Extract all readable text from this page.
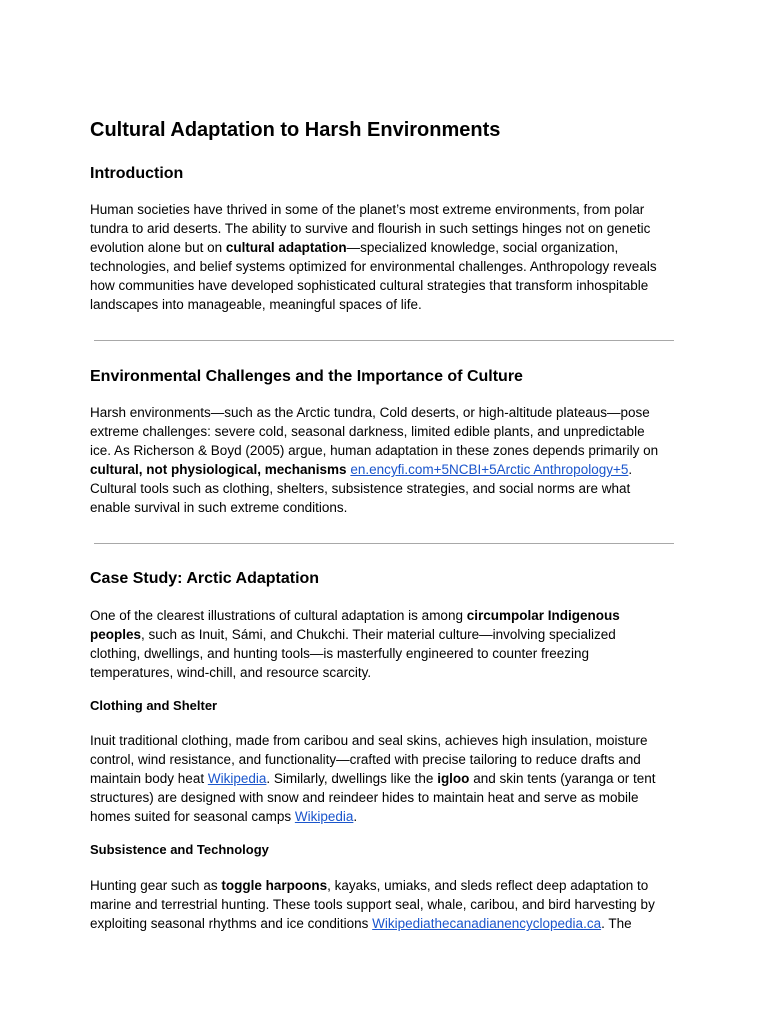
Cultural Adaptation to Harsh Environments
Introduction

Human societies have thrived in some of the planet’s most extreme environments, from polar
tundra to arid deserts. The ability to survive and flourish in such settings hinges not on genetic
evolution alone but on cultural adaptation—specialized knowledge, social organization,
technologies, and belief systems optimized for environmental challenges. Anthropology reveals
how communities have developed sophisticated cultural strategies that transform inhospitable
landscapes into manageable, meaningful spaces of life.

Environmental Challenges and the Importance of Culture

Harsh environments—such as the Arctic tundra, Cold deserts, or high-altitude plateaus—pose
extreme challenges: severe cold, seasonal darkness, limited edible plants, and unpredictable
ice. As Richerson & Boyd (2005) argue, human adaptation in these zones depends primarily on
cultural, not physiological, mechanisms en.encyfi.com+5NCBI+5Arctic Anthropology+5.
Cultural tools such as clothing, shelters, subsistence strategies, and social norms are what
enable survival in such extreme conditions.

Case Study: Arctic Adaptation

One of the clearest illustrations of cultural adaptation is among circumpolar Indigenous
peoples, such as Inuit, Sámi, and Chukchi. Their material culture—involving specialized
clothing, dwellings, and hunting tools—is masterfully engineered to counter freezing
temperatures, wind-chill, and resource scarcity.

Clothing and Shelter

Inuit traditional clothing, made from caribou and seal skins, achieves high insulation, moisture
control, wind resistance, and functionality—crafted with precise tailoring to reduce drafts and
maintain body heat Wikipedia. Similarly, dwellings like the igloo and skin tents (yaranga or tent
structures) are designed with snow and reindeer hides to maintain heat and serve as mobile
homes suited for seasonal camps Wikipedia.

Subsistence and Technology

Hunting gear such as toggle harpoons, kayaks, umiaks, and sleds reflect deep adaptation to
marine and terrestrial hunting. These tools support seal, whale, caribou, and bird harvesting by
exploiting seasonal rhythms and ice conditions Wikipediathecanadianencyclopedia.ca. The
